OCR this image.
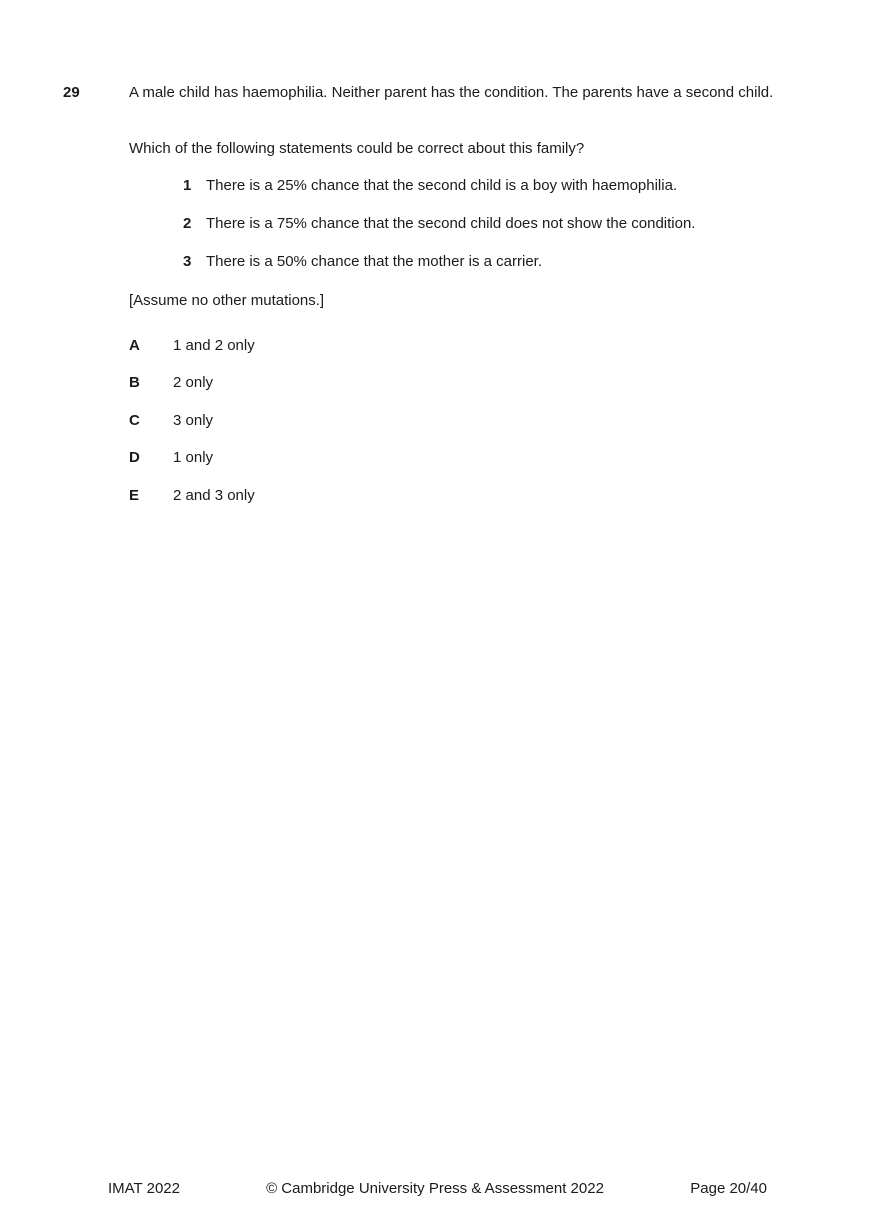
29	A male child has haemophilia. Neither parent has the condition. The parents have a second child.
Which of the following statements could be correct about this family?
1 There is a 25% chance that the second child is a boy with haemophilia.
2 There is a 75% chance that the second child does not show the condition.
3 There is a 50% chance that the mother is a carrier.
[Assume no other mutations.]
A 1 and 2 only
B 2 only
C 3 only
D 1 only
E 2 and 3 only
IMAT 2022	© Cambridge University Press & Assessment 2022	Page 20/40
